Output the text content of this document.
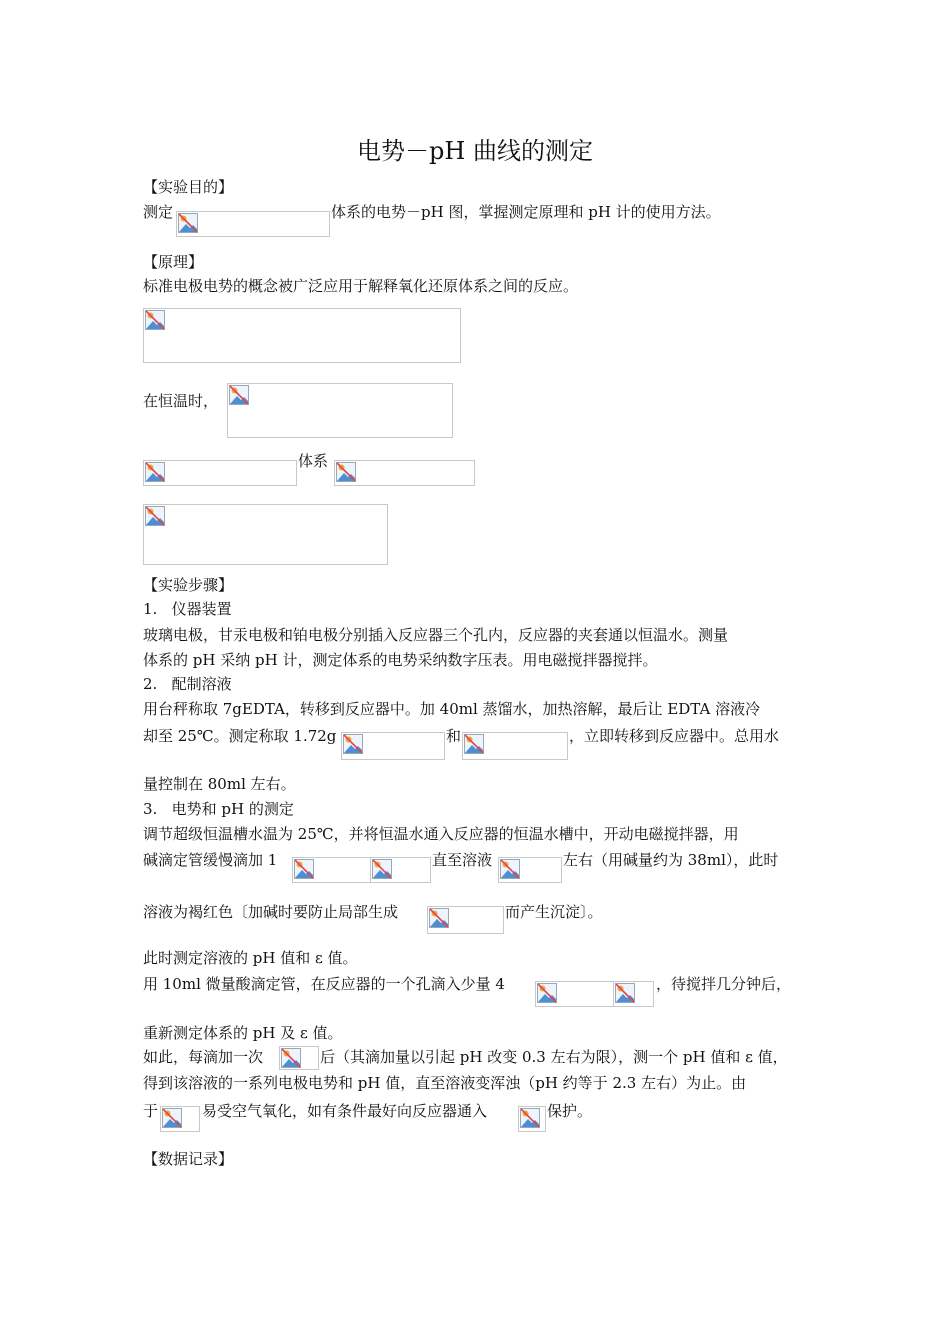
电势－pH 曲线的测定
【实验目的】
测定	体系的电势－pH 图，掌握测定原理和 pH 计的使用方法。
【原理】
标准电极电势的概念被广泛应用于解释氧化还原体系之间的反应。
在恒温时，
体系
【实验步骤】
1.   仪器装置
玻璃电极，甘汞电极和铂电极分别插入反应器三个孔内，反应器的夹套通以恒温水。测量
体系的 pH 采纳 pH 计，测定体系的电势采纳数字压表。用电磁搅拌器搅拌。
2.   配制溶液
用台秤称取 7gEDTA，转移到反应器中。加 40ml 蒸馏水，加热溶解，最后让 EDTA 溶液冷
却至 25℃。测定称取 1.72g	和	，立即转移到反应器中。总用水
量控制在 80ml 左右。
3.   电势和 pH 的测定
调节超级恒温槽水温为 25℃，并将恒温水通入反应器的恒温水槽中，开动电磁搅拌器，用
碱滴定管缓慢滴加 1	直至溶液	左右（用碱量约为 38ml），此时
溶液为褐红色〔加碱时要防止局部生成	而产生沉淀〕。
此时测定溶液的 pH 值和 ε 值。
用 10ml 微量酸滴定管，在反应器的一个孔滴入少量 4	，待搅拌几分钟后，
重新测定体系的 pH 及 ε 值。
如此，每滴加一次	后（其滴加量以引起 pH 改变 0.3 左右为限），测一个 pH 值和 ε 值，
得到该溶液的一系列电极电势和 pH 值，直至溶液变浑浊（pH 约等于 2.3 左右）为止。由
于	易受空气氧化，如有条件最好向反应器通入	保护。
【数据记录】
